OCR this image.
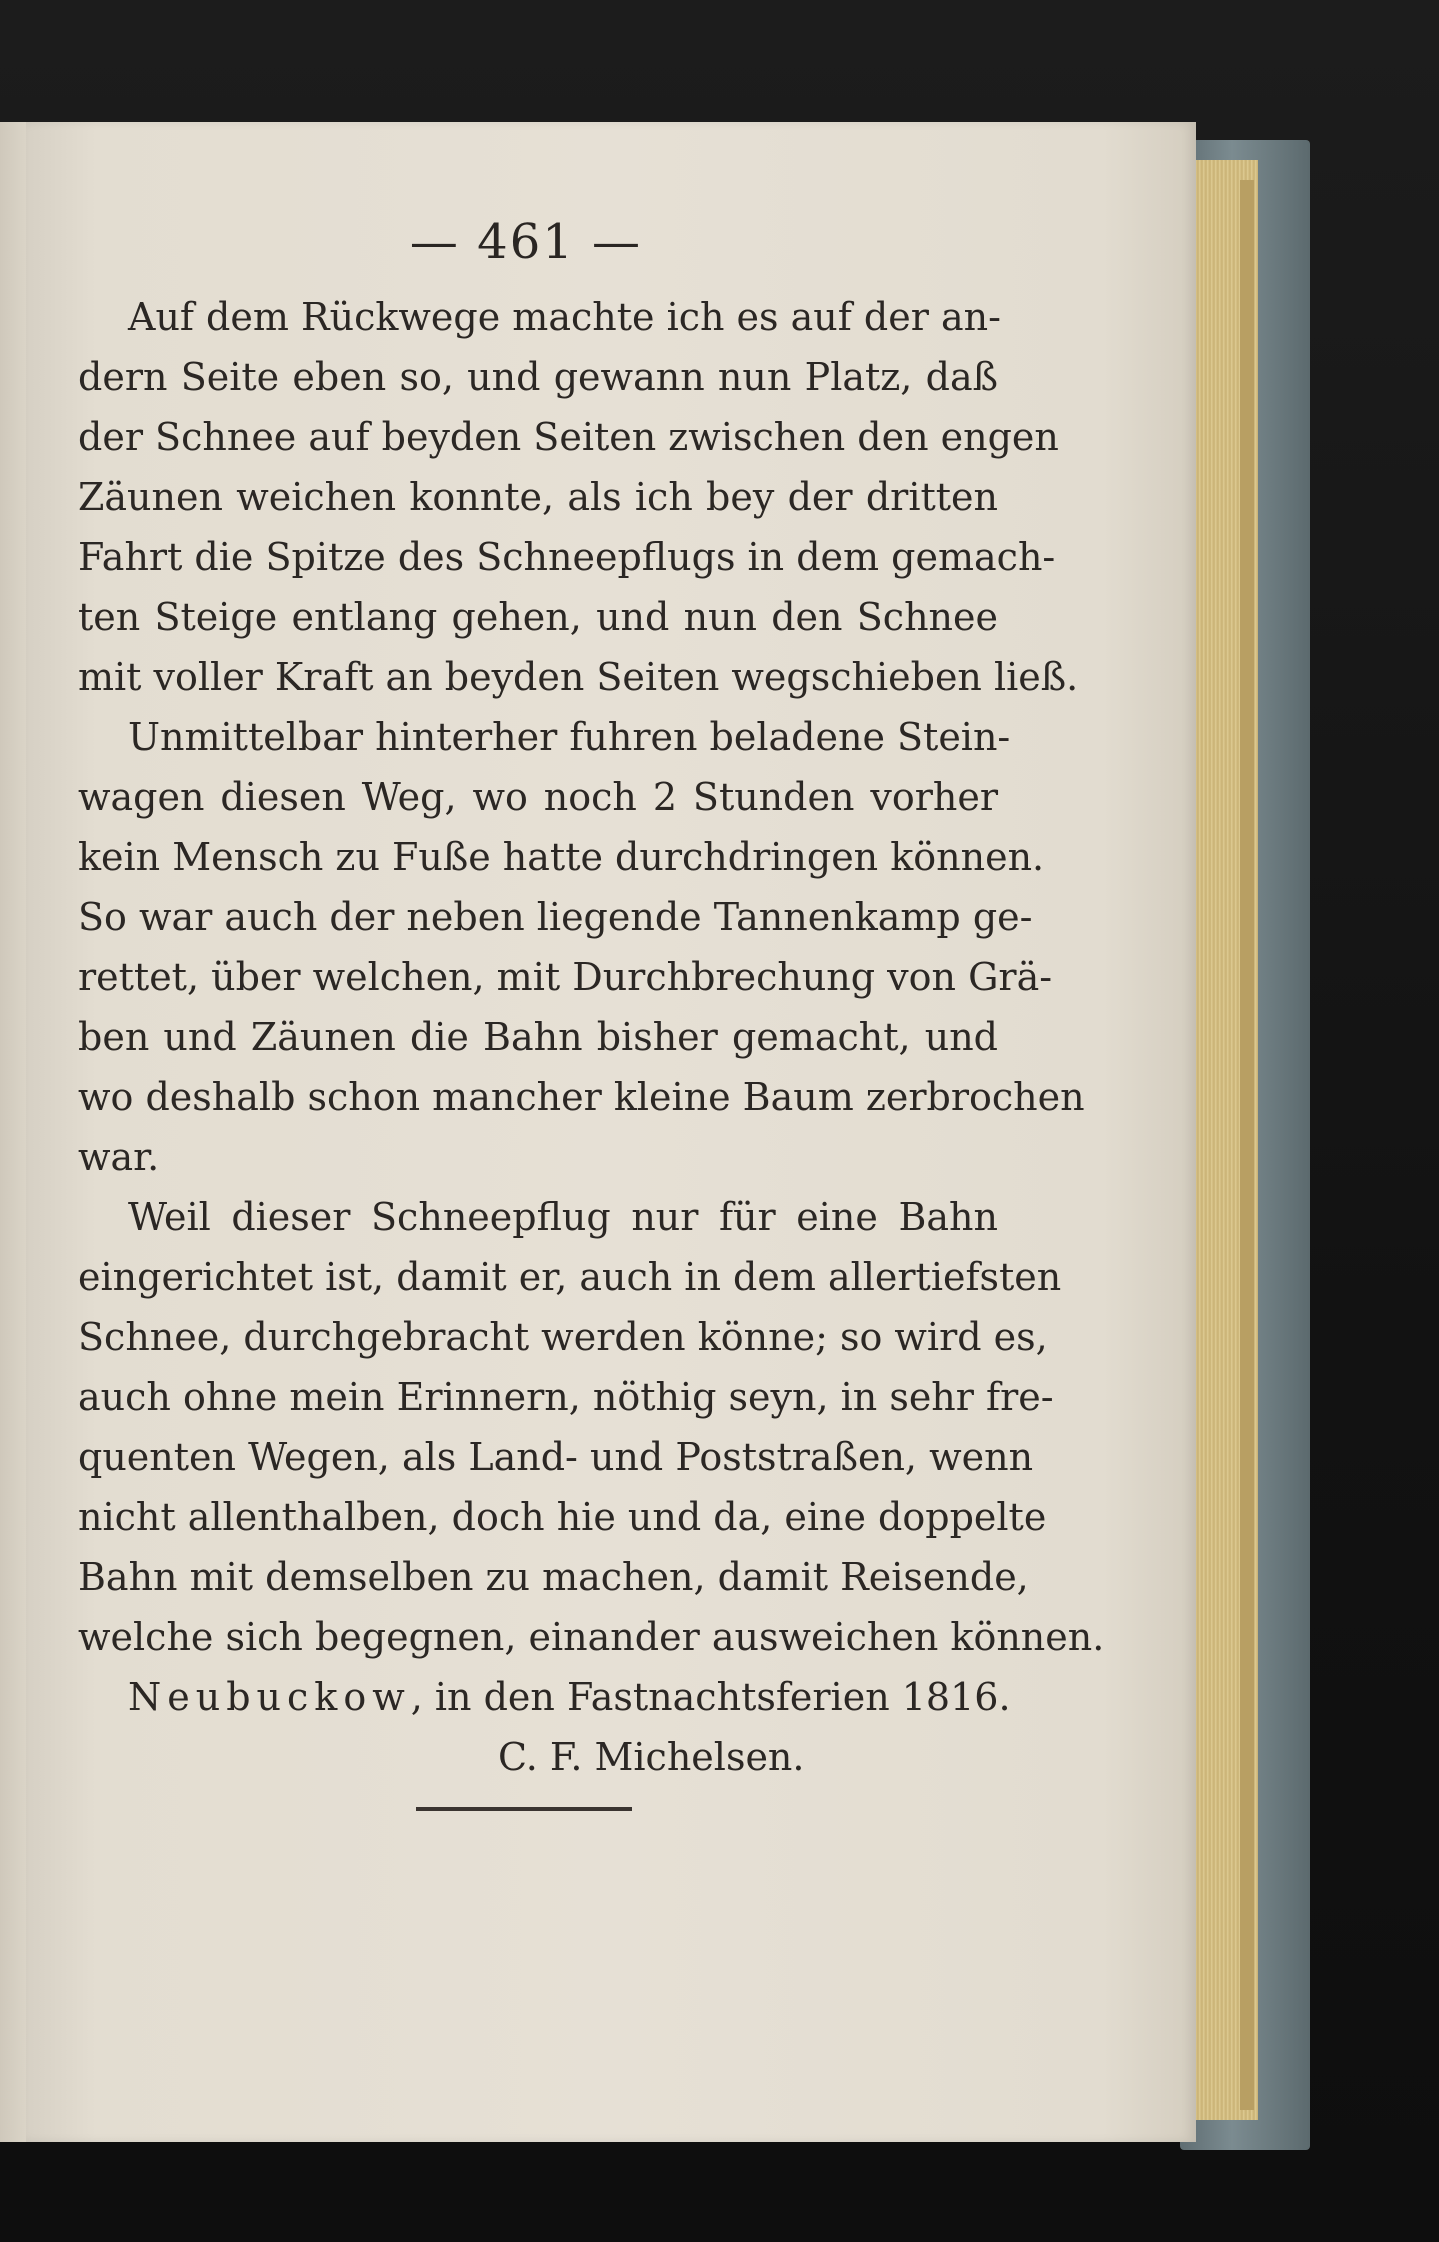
— 461 —
Auf dem Rückwege machte ich es auf der an-
dern Seite eben so, und gewann nun Platz, daß
der Schnee auf beyden Seiten zwischen den engen
Zäunen weichen konnte, als ich bey der dritten
Fahrt die Spitze des Schneepflugs in dem gemach-
ten Steige entlang gehen, und nun den Schnee
mit voller Kraft an beyden Seiten wegschieben ließ.
Unmittelbar hinterher fuhren beladene Stein-
wagen diesen Weg, wo noch 2 Stunden vorher
kein Mensch zu Fuße hatte durchdringen können.
So war auch der neben liegende Tannenkamp ge-
rettet, über welchen, mit Durchbrechung von Grä-
ben und Zäunen die Bahn bisher gemacht, und
wo deshalb schon mancher kleine Baum zerbrochen
war.
Weil dieser Schneepflug nur für eine Bahn
eingerichtet ist, damit er, auch in dem allertiefsten
Schnee, durchgebracht werden könne; so wird es,
auch ohne mein Erinnern, nöthig seyn, in sehr fre-
quenten Wegen, als Land- und Poststraßen, wenn
nicht allenthalben, doch hie und da, eine doppelte
Bahn mit demselben zu machen, damit Reisende,
welche sich begegnen, einander ausweichen können.
Neubuckow, in den Fastnachtsferien 1816.
C. F. Michelsen.
